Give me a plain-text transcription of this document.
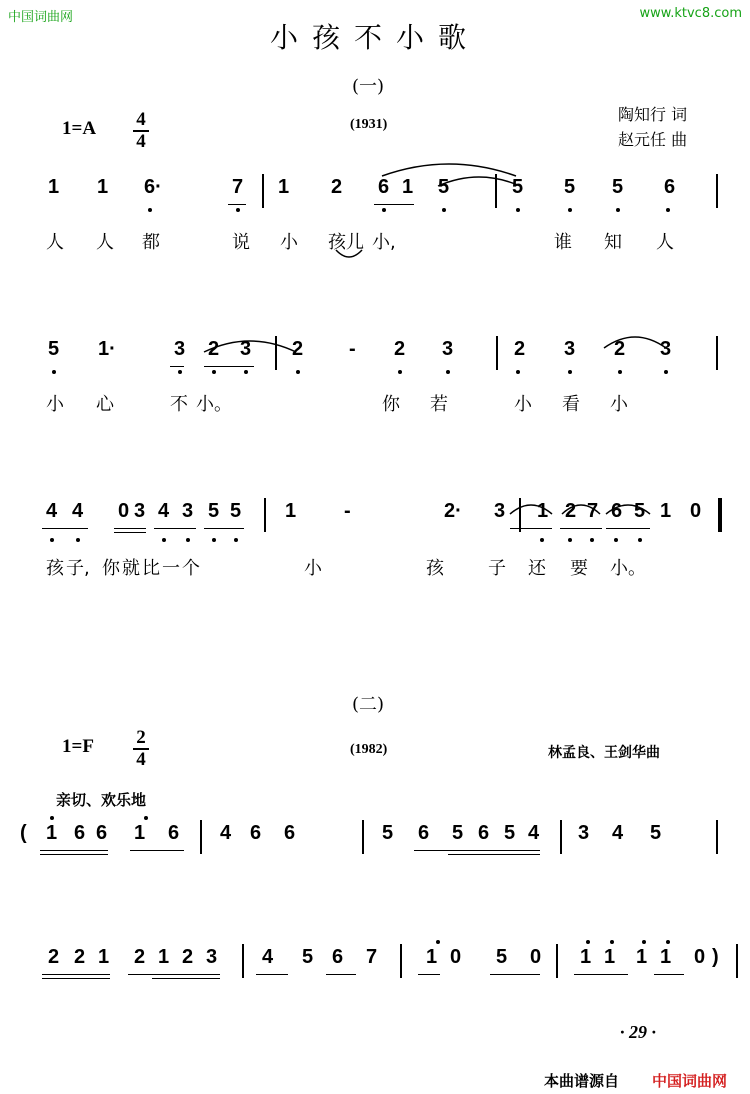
中国词曲网	www.ktvc8.com
小孩不小歌
(一)
1=A 4
4
(1931)
陶知行 词
赵元任 曲
1 1 6·	7 1 2 6 1 5	5 5 5 6
人 人 都	说 小 孩 儿 小,	谁 知 人
5 1·	3 2 3 2 - 2 3	2 3 2 3
小 心	不 小。	你 若	小 看 小
4 4 0 3 4 3 5 5 1 -	2· 3 1 2 7 6 5 1 0
孩 子, 你 就 比 一 个	小	孩 子 还 要 小。
(二)
1=F 2
4	(1982)	林孟良、王剑华曲
亲切、欢乐地
( 1 6 6 1 6 4 6 6	5 6 5 6 5 4 3 4 5
2 2 1 2 1 2 3 4 5 6 7 1 0 5 0 1 1 1 1 0 )
· 29 ·
本曲谱源自 中国词曲网
